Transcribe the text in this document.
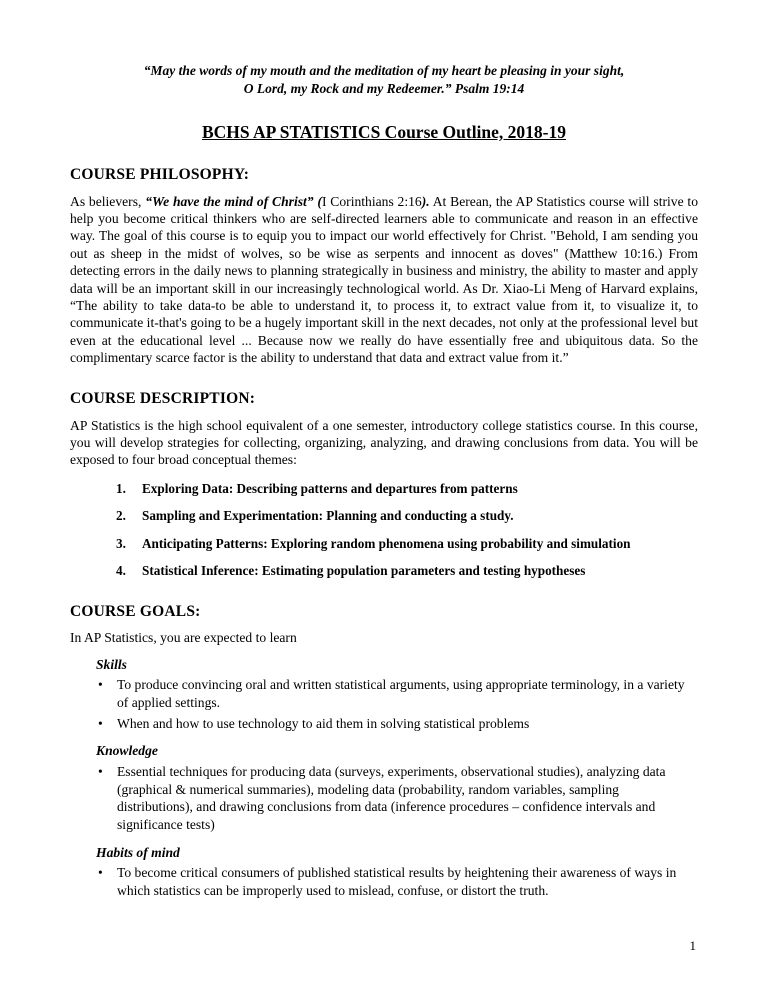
“May the words of my mouth and the meditation of my heart be pleasing in your sight,
O Lord, my Rock and my Redeemer.” Psalm 19:14
BCHS AP STATISTICS Course Outline, 2018-19
COURSE PHILOSOPHY:

As believers, “We have the mind of Christ” (I Corinthians 2:16). At Berean, the AP Statistics course will strive to help you become critical thinkers who are self-directed learners able to communicate and reason in an effective way. The goal of this course is to equip you to impact our world effectively for Christ. "Behold, I am sending you out as sheep in the midst of wolves, so be wise as serpents and innocent as doves" (Matthew 10:16.) From detecting errors in the daily news to planning strategically in business and ministry, the ability to master and apply data will be an important skill in our increasingly technological world. As Dr. Xiao-Li Meng of Harvard explains, “The ability to take data-to be able to understand it, to process it, to extract value from it, to visualize it, to communicate it-that's going to be a hugely important skill in the next decades, not only at the professional level but even at the educational level ... Because now we really do have essentially free and ubiquitous data. So the complimentary scarce factor is the ability to understand that data and extract value from it.”

COURSE DESCRIPTION:

AP Statistics is the high school equivalent of a one semester, introductory college statistics course. In this course, you will develop strategies for collecting, organizing, analyzing, and drawing conclusions from data. You will be exposed to four broad conceptual themes:

1.	Exploring Data: Describing patterns and departures from patterns
2.	Sampling and Experimentation: Planning and conducting a study.
3.	Anticipating Patterns: Exploring random phenomena using probability and simulation
4.	Statistical Inference: Estimating population parameters and testing hypotheses
COURSE GOALS:

In AP Statistics, you are expected to learn

Skills
• To produce convincing oral and written statistical arguments, using appropriate terminology, in a variety of applied settings.
• When and how to use technology to aid them in solving statistical problems
Knowledge
• Essential techniques for producing data (surveys, experiments, observational studies), analyzing data (graphical & numerical summaries), modeling data (probability, random variables, sampling distributions), and drawing conclusions from data (inference procedures – confidence intervals and significance tests)
Habits of mind
• To become critical consumers of published statistical results by heightening their awareness of ways in which statistics can be improperly used to mislead, confuse, or distort the truth.
1
